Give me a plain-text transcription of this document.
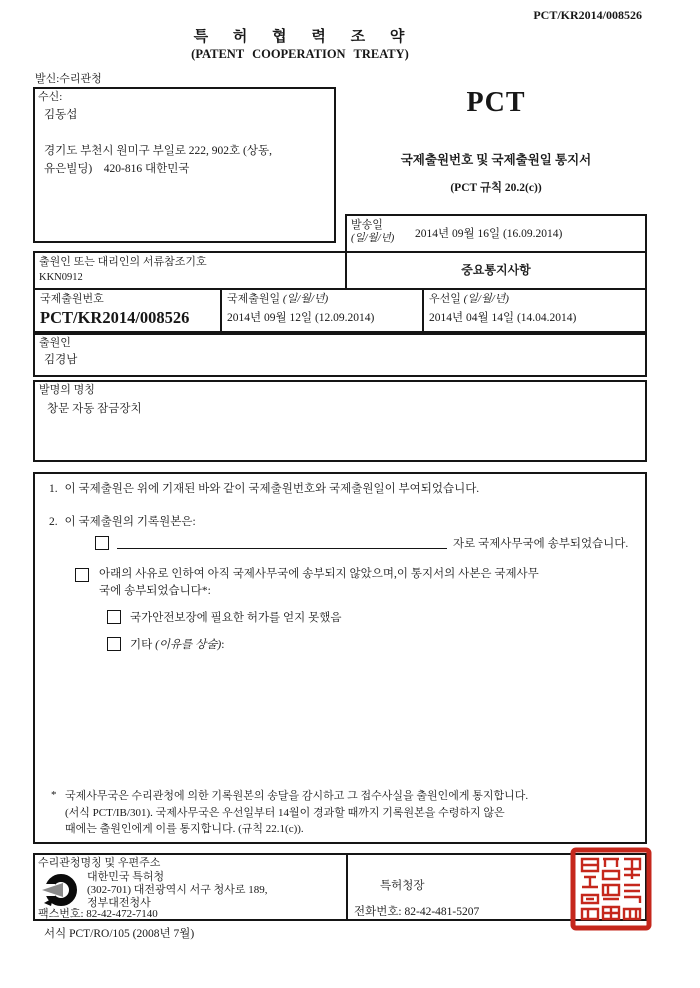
PCT/KR2014/008526
특 허 협 력 조 약
(PATENT COOPERATION TREATY)
발신:수리관청
수신:
김동섭
경기도 부천시 원미구 부일로 222, 902호 (상동,
유은빌딩)    420-816 대한민국
PCT
국제출원번호 및 국제출원일 통지서
(PCT 규칙 20.2(c))
발송일
(일/월/년) 2014년 09월 16일 (16.09.2014)
출원인 또는 대리인의 서류참조기호
KKN0912
중요통지사항
국제출원번호
PCT/KR2014/008526
국제출원일 (일/월/년)
2014년 09월 12일 (12.09.2014)
우선일 (일/월/년)
2014년 04월 14일 (14.04.2014)
출원인
김경남
발명의 명칭
창문 자동 잠금장치
1. 이 국제출원은 위에 기재된 바와 같이 국제출원번호와 국제출원일이 부여되었습니다.
2. 이 국제출원의 기록원본은:
자로 국제사무국에 송부되었습니다.
아래의 사유로 인하여 아직 국제사무국에 송부되지 않았으며,이 통지서의 사본은 국제사무
국에 송부되었습니다*:
국가안전보장에 필요한 허가를 얻지 못했음
기타 (이유를 상술):
* 국제사무국은 수리관청에 의한 기록원본의 송달을 감시하고 그 접수사실을 출원인에게 통지합니다.
(서식 PCT/IB/301). 국제사무국은 우선일부터 14월이 경과할 때까지 기록원본을 수령하지 않은
때에는 출원인에게 이를 통지합니다. (규칙 22.1(c)).
수리관청명칭 및 우편주소
대한민국 특허청
(302-701) 대전광역시 서구 청사로 189,
정부대전청사
팩스번호: 82-42-472-7140
특허청장
전화번호: 82-42-481-5207
서식 PCT/RO/105 (2008년 7월)
